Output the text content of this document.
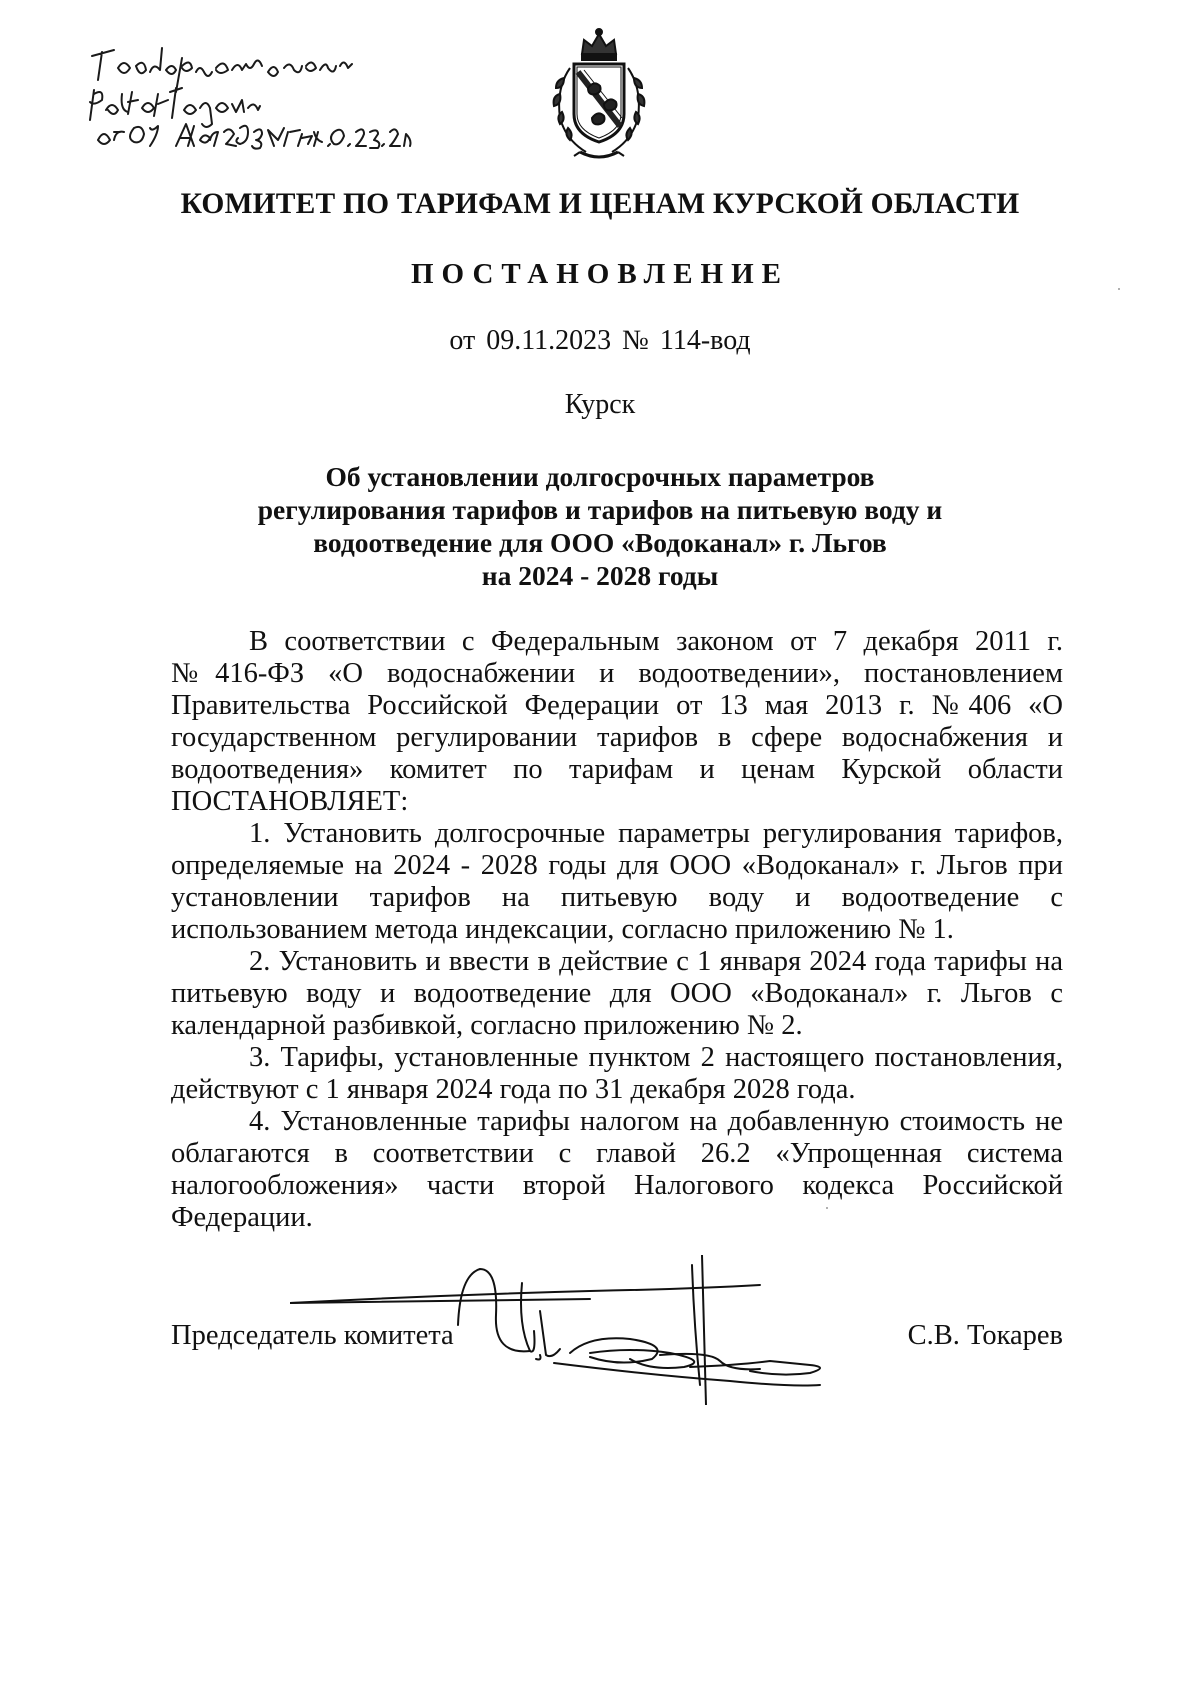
КОМИТЕТ ПО ТАРИФАМ И ЦЕНАМ КУРСКОЙ ОБЛАСТИ
ПОСТАНОВЛЕНИЕ

от 09.11.2023 № 114-вод

Курск

Об установлении долгосрочных параметров
регулирования тарифов и тарифов на питьевую воду и
водоотведение для ООО «Водоканал» г. Льгов
на 2024 - 2028 годы

В соответствии с Федеральным законом от 7 декабря 2011 г. №416-ФЗ «О водоснабжении и водоотведении», постановлением Правительства Российской Федерации от 13 мая 2013 г. №406 «О государственном регулировании тарифов в сфере водоснабжения и водоотведения» комитет по тарифам и ценам Курской области ПОСТАНОВЛЯЕТ:

1. Установить долгосрочные параметры регулирования тарифов, определяемые на 2024 - 2028 годы для ООО «Водоканал» г. Льгов при установлении тарифов на питьевую воду и водоотведение с использованием метода индексации, согласно приложению № 1.

2. Установить и ввести в действие с 1 января 2024 года тарифы на питьевую воду и водоотведение для ООО «Водоканал» г. Льгов с календарной разбивкой, согласно приложению № 2.

3. Тарифы, установленные пунктом 2 настоящего постановления, действуют с 1 января 2024 года по 31 декабря 2028 года.

4. Установленные тарифы налогом на добавленную стоимость не облагаются в соответствии с главой 26.2 «Упрощенная система налогообложения» части второй Налогового кодекса Российской Федерации.

Председатель комитета	С.В. Токарев
